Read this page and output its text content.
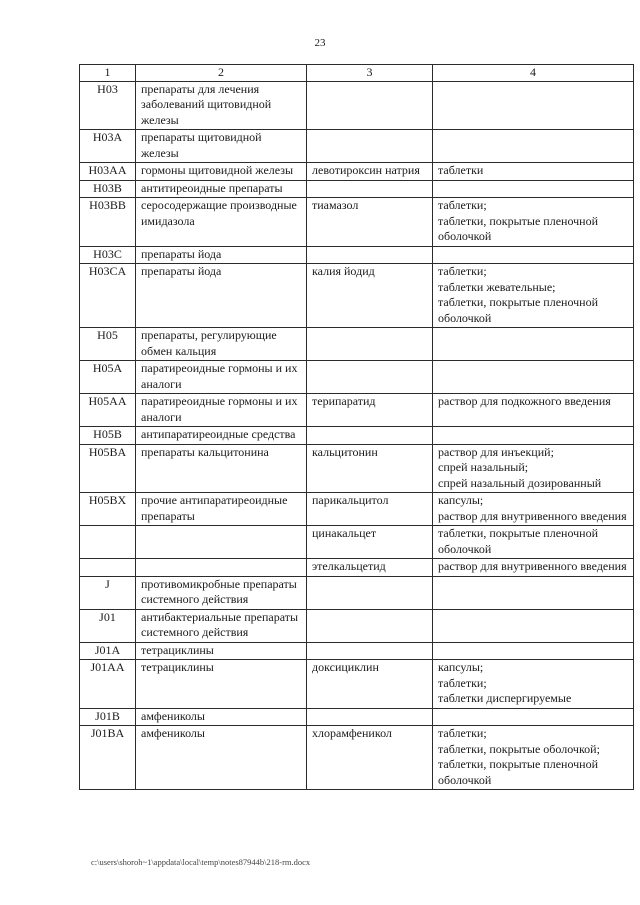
23
1	2	3	4
H03	препараты для лечения заболеваний щитовидной железы		
H03A	препараты щитовидной железы		
H03AA	гормоны щитовидной железы	левотироксин натрия	таблетки
H03B	антитиреоидные препараты		
H03BB	серосодержащие производные имидазола	тиамазол	таблетки;
таблетки, покрытые пленочной оболочкой
H03C	препараты йода		
H03CA	препараты йода	калия йодид	таблетки;
таблетки жевательные;
таблетки, покрытые пленочной оболочкой
H05	препараты, регулирующие обмен кальция		
H05A	паратиреоидные гормоны и их аналоги		
H05AA	паратиреоидные гормоны и их аналоги	терипаратид	раствор для подкожного введения
H05B	антипаратиреоидные средства		
H05BA	препараты кальцитонина	кальцитонин	раствор для инъекций;
спрей назальный;
спрей назальный дозированный
H05BX	прочие антипаратиреоидные препараты	парикальцитол	капсулы;
раствор для внутривенного введения
		цинакальцет	таблетки, покрытые пленочной оболочкой
		этелкальцетид	раствор для внутривенного введения
J	противомикробные препараты системного действия		
J01	антибактериальные препараты системного действия		
J01A	тетрациклины		
J01AA	тетрациклины	доксициклин	капсулы;
таблетки;
таблетки диспергируемые
J01B	амфениколы		
J01BA	амфениколы	хлорамфеникол	таблетки;
таблетки, покрытые оболочкой;
таблетки, покрытые пленочной оболочкой
c:\users\shoroh~1\appdata\local\temp\notes87944b\218-rm.docx
